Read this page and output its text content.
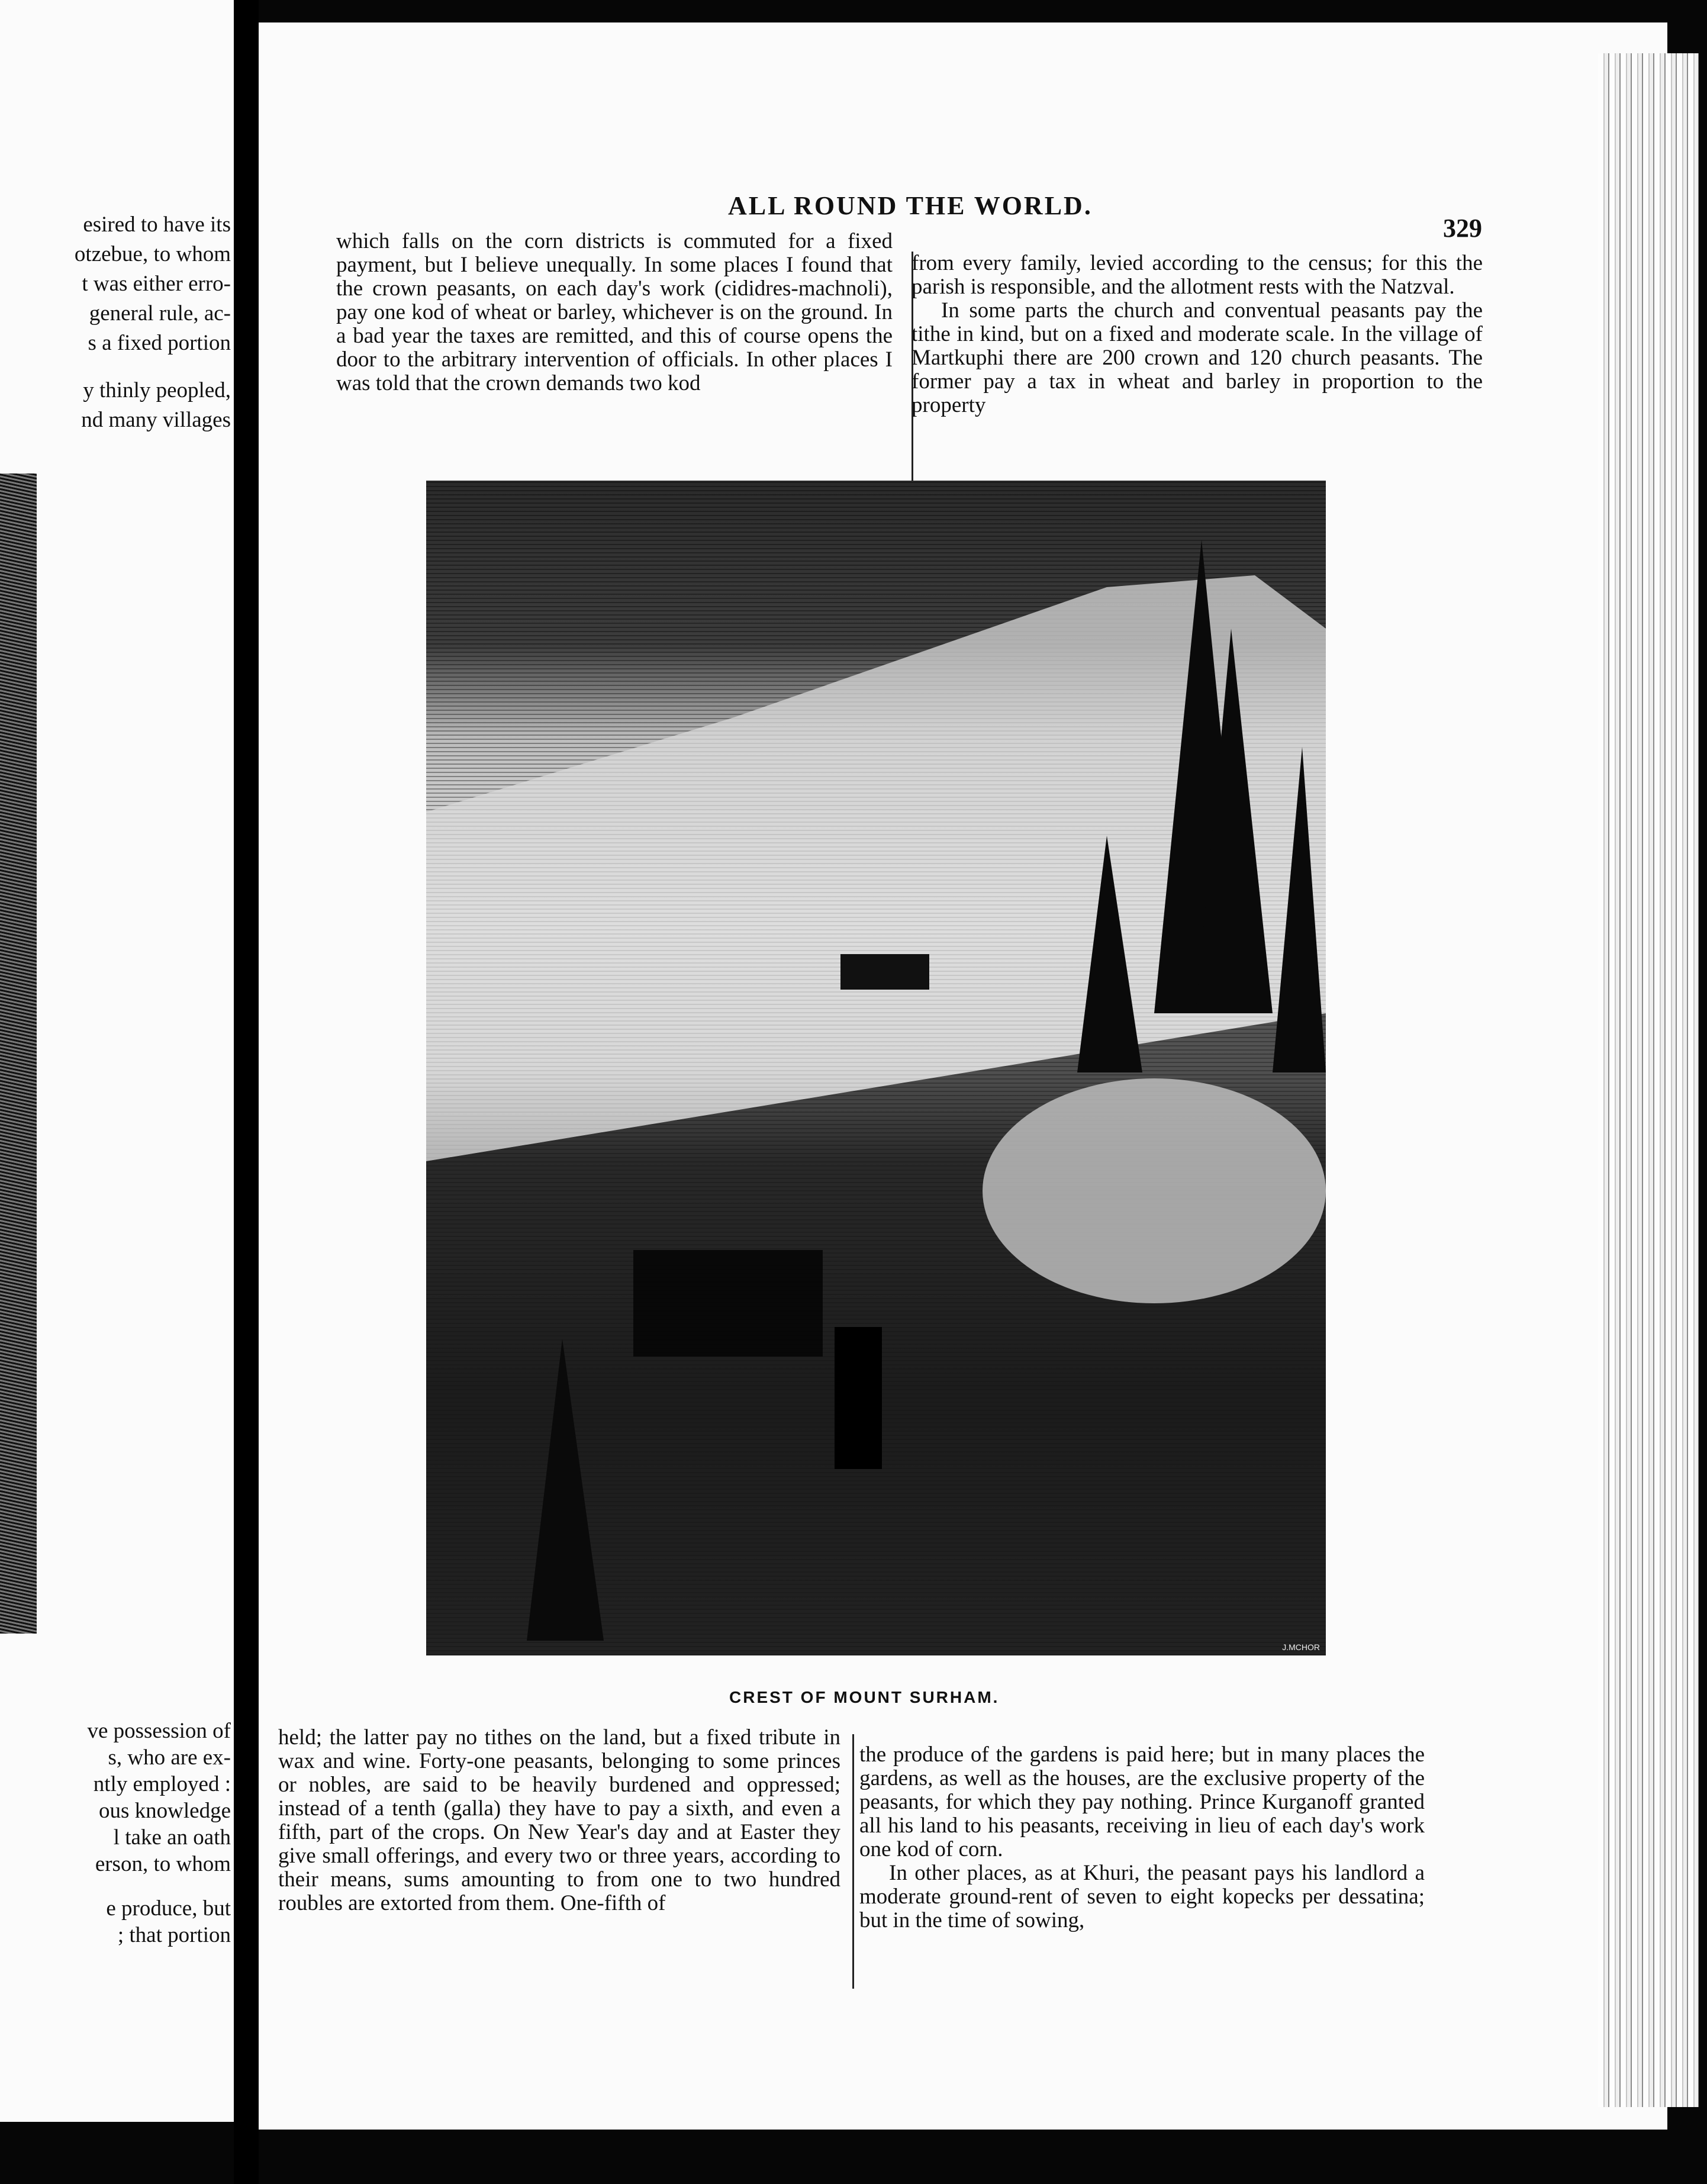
esired to have its
otzebue, to whom
t was either erro-
general rule, ac-
s a fixed portion
y thinly peopled,
nd many villages
ve possession of
s, who are ex-
ntly employed :
ous knowledge
l take an oath
erson, to whom
e produce, but
; that portion
ALL ROUND THE WORLD.
329

which falls on the corn districts is commuted for a fixed payment, but I believe unequally. In some places I found that the crown peasants, on each day's work (cididres-machnoli), pay one kod of wheat or barley, whichever is on the ground. In a bad year the taxes are remitted, and this of course opens the door to the arbitrary intervention of officials. In other places I was told that the crown demands two kod

from every family, levied according to the census; for this the parish is responsible, and the allotment rests with the Natzval.

In some parts the church and conventual peasants pay the tithe in kind, but on a fixed and moderate scale. In the village of Martkuphi there are 200 crown and 120 church peasants. The former pay a tax in wheat and barley in proportion to the property

J.MCHOR
CREST OF MOUNT SURHAM.

held; the latter pay no tithes on the land, but a fixed tribute in wax and wine. Forty-one peasants, belonging to some princes or nobles, are said to be heavily burdened and oppressed; instead of a tenth (galla) they have to pay a sixth, and even a fifth, part of the crops. On New Year's day and at Easter they give small offerings, and every two or three years, according to their means, sums amounting to from one to two hundred roubles are extorted from them. One-fifth of

the produce of the gardens is paid here; but in many places the gardens, as well as the houses, are the exclusive property of the peasants, for which they pay nothing. Prince Kurganoff granted all his land to his peasants, receiving in lieu of each day's work one kod of corn.

In other places, as at Khuri, the peasant pays his landlord a moderate ground-rent of seven to eight kopecks per dessatina; but in the time of sowing,
